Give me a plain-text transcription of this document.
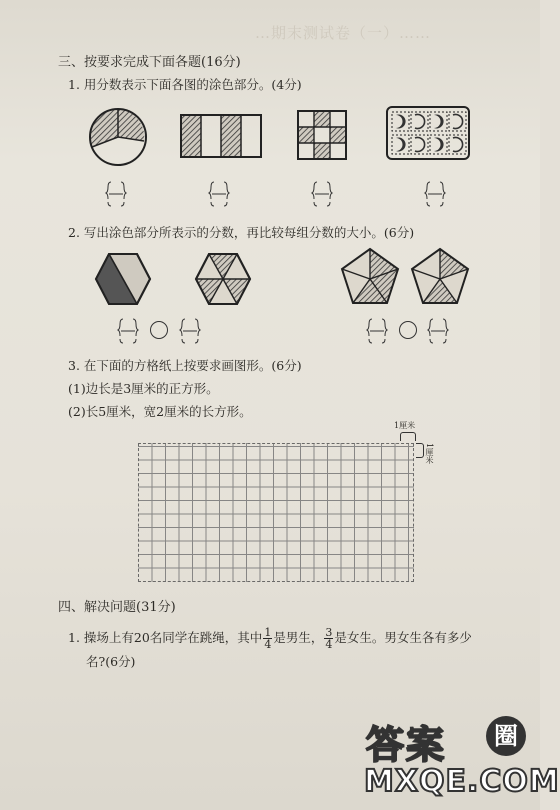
…期末测试卷（一）……
三、按要求完成下面各题(16分)
1. 用分数表示下面各图的涂色部分。(4分)
2. 写出涂色部分所表示的分数，再比较每组分数的大小。(6分)
3. 在下面的方格纸上按要求画图形。(6分)
(1)边长是3厘米的正方形。
(2)长5厘米，宽2厘米的长方形。
1厘米
1厘米
四、解决问题(31分)
1. 操场上有20名同学在跳绳，其中 $\frac{1}{4}$ 是男生， $\frac{3}{4}$ 是女生。男女生各有多少
名?(6分)
答案	圈
MXQE.COM
